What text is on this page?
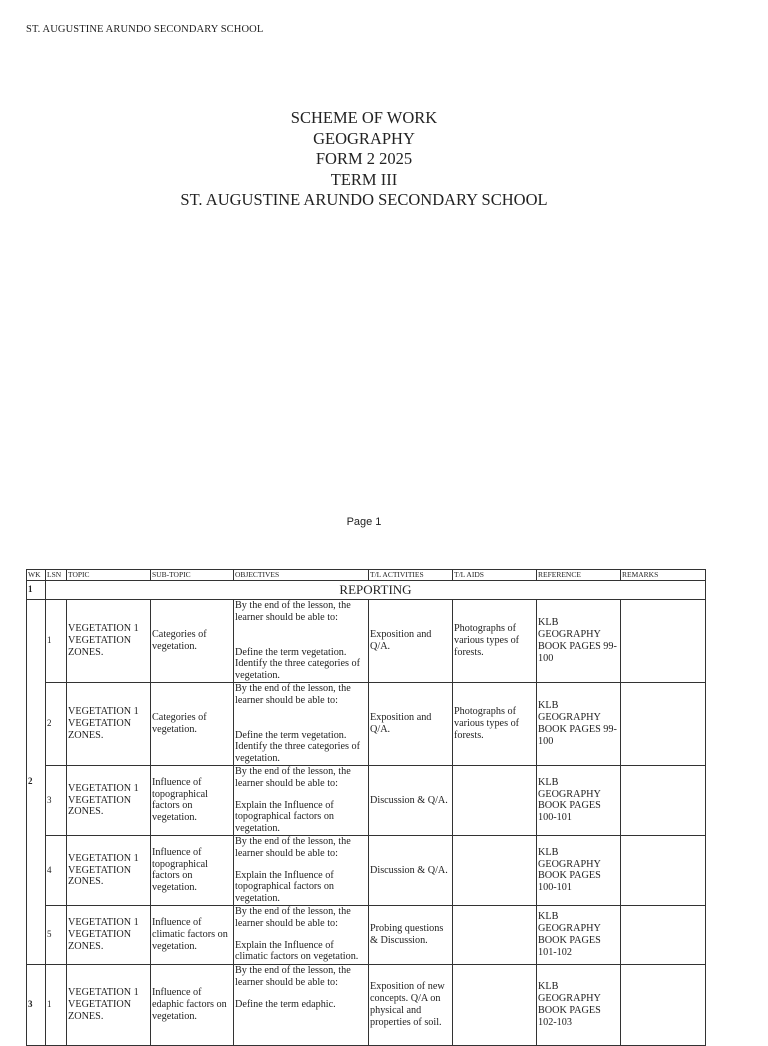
ST. AUGUSTINE ARUNDO SECONDARY SCHOOL
SCHEME OF WORK
GEOGRAPHY
FORM 2 2025
TERM III
ST. AUGUSTINE ARUNDO SECONDARY SCHOOL
Page 1
WK	LSN	TOPIC	SUB-TOPIC	OBJECTIVES	T/L ACTIVITIES	T/L AIDS	REFERENCE	REMARKS
1	REPORTING							
2	1	VEGETATION 1 VEGETATION ZONES.	Categories of vegetation.	By the end of the lesson, the learner should be able to:
Define the term vegetation.
Identify the three categories of vegetation.	Exposition and Q/A.	Photographs of various types of forests.	KLB GEOGRAPHY BOOK PAGES 99-100	
	2	VEGETATION 1 VEGETATION ZONES.	Categories of vegetation.	By the end of the lesson, the learner should be able to:
Define the term vegetation.
Identify the three categories of vegetation.	Exposition and Q/A.	Photographs of various types of forests.	KLB GEOGRAPHY BOOK PAGES 99-100	
	3	VEGETATION 1 VEGETATION ZONES.	Influence of topographical factors on vegetation.	By the end of the lesson, the learner should be able to:
Explain the Influence of topographical factors on vegetation.	Discussion & Q/A.		KLB GEOGRAPHY BOOK PAGES 100-101	
	4	VEGETATION 1 VEGETATION ZONES.	Influence of topographical factors on vegetation.	By the end of the lesson, the learner should be able to:
Explain the Influence of topographical factors on vegetation.	Discussion & Q/A.		KLB GEOGRAPHY BOOK PAGES 100-101	
	5	VEGETATION 1 VEGETATION ZONES.	Influence of climatic factors on vegetation.	By the end of the lesson, the learner should be able to:
Explain the Influence of climatic factors on vegetation.	Probing questions & Discussion.		KLB GEOGRAPHY BOOK PAGES 101-102	
3	1	VEGETATION 1 VEGETATION ZONES.	Influence of edaphic factors on vegetation.	By the end of the lesson, the learner should be able to:
Define the term edaphic.	Exposition of new concepts. Q/A on physical and properties of soil.		KLB GEOGRAPHY BOOK PAGES 102-103	
